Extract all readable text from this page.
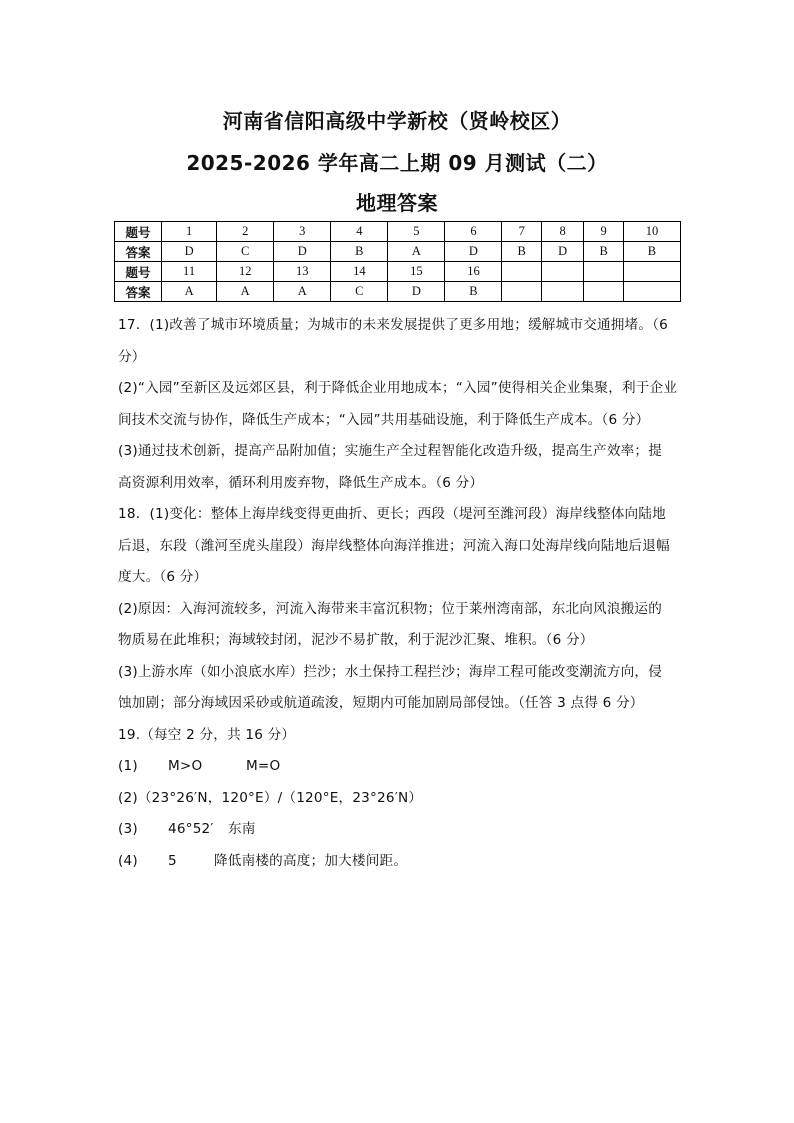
河南省信阳高级中学新校（贤岭校区）
2025-2026 学年高二上期 09 月测试（二）
地理答案
题号	1	2	3	4	5	6	7	8	9	10
答案	D	C	D	B	A	D	B	D	B	B
题号	11	12	13	14	15	16				
答案	A	A	A	C	D	B				
17．(1)改善了城市环境质量；为城市的未来发展提供了更多用地；缓解城市交通拥堵。（6
分）
(2)“入园”至新区及远郊区县，利于降低企业用地成本；“入园”使得相关企业集聚，利于企业
间技术交流与协作，降低生产成本；“入园”共用基础设施，利于降低生产成本。（6 分）
(3)通过技术创新，提高产品附加值；实施生产全过程智能化改造升级，提高生产效率；提
高资源利用效率，循环利用废弃物，降低生产成本。（6 分）
18．(1)变化：整体上海岸线变得更曲折、更长；西段（堤河至潍河段）海岸线整体向陆地
后退，东段（潍河至虎头崖段）海岸线整体向海洋推进；河流入海口处海岸线向陆地后退幅
度大。（6 分）
(2)原因：入海河流较多，河流入海带来丰富沉积物；位于莱州湾南部，东北向风浪搬运的
物质易在此堆积；海域较封闭，泥沙不易扩散，利于泥沙汇聚、堆积。（6 分）
(3)上游水库（如小浪底水库）拦沙；水土保持工程拦沙；海岸工程可能改变潮流方向，侵
蚀加剧；部分海域因采砂或航道疏浚，短期内可能加剧局部侵蚀。（任答 3 点得 6 分）
19.（每空 2 分，共 16 分）
(1) M>O	M=O
(2)（23°26′N，120°E）/（120°E，23°26′N）
(3) 46°52′ 东南
(4) 5	降低南楼的高度；加大楼间距。
